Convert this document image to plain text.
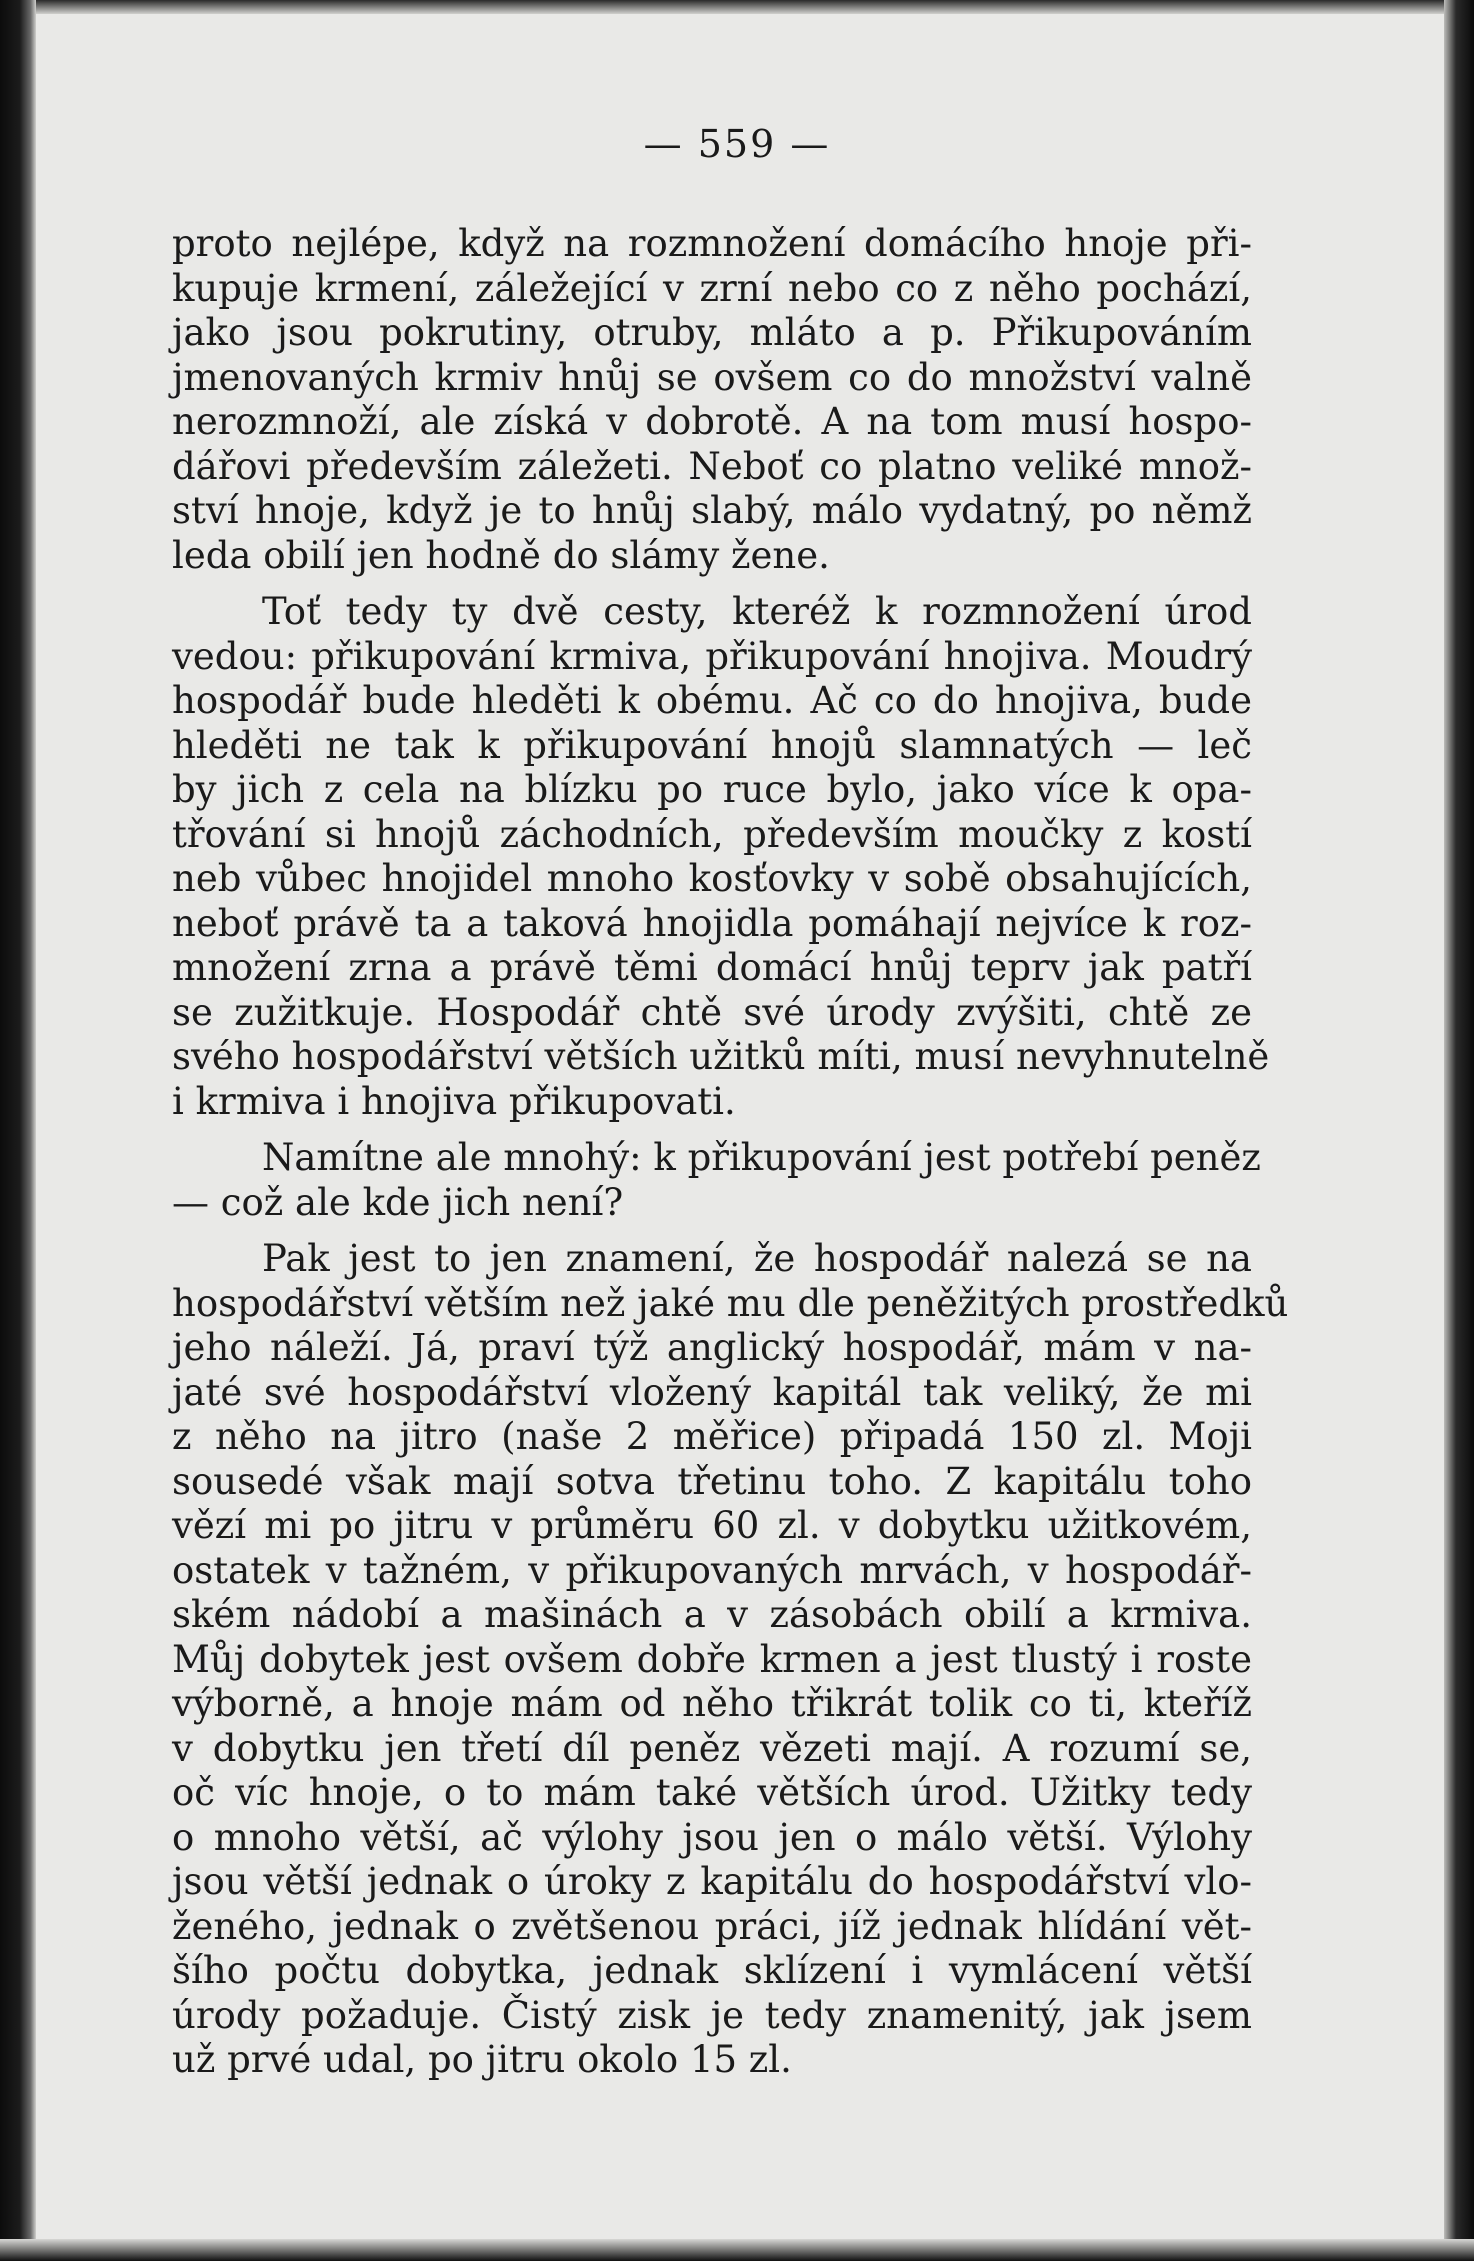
— 559 —
proto nejlépe, když na rozmnožení domácího hnoje při-
kupuje krmení, záležející v zrní nebo co z něho pochází,
jako jsou pokrutiny, otruby, mláto a p. Přikupováním
jmenovaných krmiv hnůj se ovšem co do množství valně
nerozmnoží, ale získá v dobrotě. A na tom musí hospo-
dářovi především záležeti. Neboť co platno veliké množ-
ství hnoje, když je to hnůj slabý, málo vydatný, po němž
leda obilí jen hodně do slámy žene.
Toť tedy ty dvě cesty, kteréž k rozmnožení úrod
vedou: přikupování krmiva, přikupování hnojiva. Moudrý
hospodář bude hleděti k obému. Ač co do hnojiva, bude
hleděti ne tak k přikupování hnojů slamnatých — leč
by jich z cela na blízku po ruce bylo, jako více k opa-
třování si hnojů záchodních, především moučky z kostí
neb vůbec hnojidel mnoho kosťovky v sobě obsahujících,
neboť právě ta a taková hnojidla pomáhají nejvíce k roz-
množení zrna a právě těmi domácí hnůj teprv jak patří
se zužitkuje. Hospodář chtě své úrody zvýšiti, chtě ze
svého hospodářství větších užitků míti, musí nevyhnutelně
i krmiva i hnojiva přikupovati.
Namítne ale mnohý: k přikupování jest potřebí peněz
— což ale kde jich není?
Pak jest to jen znamení, že hospodář nalezá se na
hospodářství větším než jaké mu dle peněžitých prostředků
jeho náleží. Já, praví týž anglický hospodář, mám v na-
jaté své hospodářství vložený kapitál tak veliký, že mi
z něho na jitro (naše 2 měřice) připadá 150 zl. Moji
sousedé však mají sotva třetinu toho. Z kapitálu toho
vězí mi po jitru v průměru 60 zl. v dobytku užitkovém,
ostatek v tažném, v přikupovaných mrvách, v hospodář-
ském nádobí a mašinách a v zásobách obilí a krmiva.
Můj dobytek jest ovšem dobře krmen a jest tlustý i roste
výborně, a hnoje mám od něho třikrát tolik co ti, kteříž
v dobytku jen třetí díl peněz vězeti mají. A rozumí se,
oč víc hnoje, o to mám také větších úrod. Užitky tedy
o mnoho větší, ač výlohy jsou jen o málo větší. Výlohy
jsou větší jednak o úroky z kapitálu do hospodářství vlo-
ženého, jednak o zvětšenou práci, jíž jednak hlídání vět-
šího počtu dobytka, jednak sklízení i vymlácení větší
úrody požaduje. Čistý zisk je tedy znamenitý, jak jsem
už prvé udal, po jitru okolo 15 zl.
